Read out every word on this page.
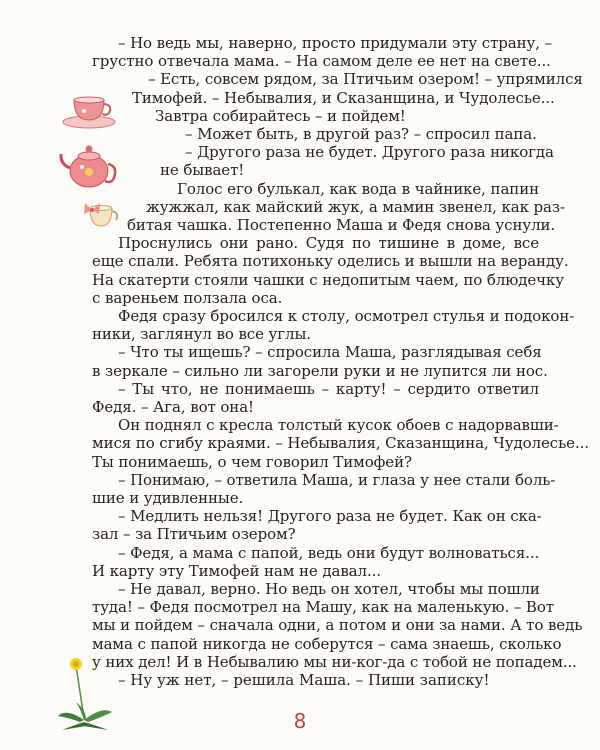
– Но ведь мы, наверно, просто придумали эту страну, –
грустно отвечала мама. – На самом деле ее нет на свете...
– Есть, совсем рядом, за Птичьим озером! – упрямился
Тимофей. – Небывалия, и Сказанщина, и Чудолесье...
Завтра собирайтесь – и пойдем!
– Может быть, в другой раз? – спросил папа.
– Другого раза не будет. Другого раза никогда
не бывает!
Голос его булькал, как вода в чайнике, папин
жужжал, как майский жук, а мамин звенел, как раз-
битая чашка. Постепенно Маша и Федя снова уснули.
Проснулись они рано. Судя по тишине в доме, все
еще спали. Ребята потихоньку оделись и вышли на веранду.
На скатерти стояли чашки с недопитым чаем, по блюдечку
с вареньем ползала оса.
Федя сразу бросился к столу, осмотрел стулья и подокон-
ники, заглянул во все углы.
– Что ты ищешь? – спросила Маша, разглядывая себя
в зеркале – сильно ли загорели руки и не лупится ли нос.
– Ты что, не понимаешь – карту! – сердито ответил
Федя. – Ага, вот она!
Он поднял с кресла толстый кусок обоев с надорвавши-
мися по сгибу краями. – Небывалия, Сказанщина, Чудолесье...
Ты понимаешь, о чем говорил Тимофей?
– Понимаю, – ответила Маша, и глаза у нее стали боль-
шие и удивленные.
– Медлить нельзя! Другого раза не будет. Как он ска-
зал – за Птичьим озером?
– Федя, а мама с папой, ведь они будут волноваться...
И карту эту Тимофей нам не давал...
– Не давал, верно. Но ведь он хотел, чтобы мы пошли
туда! – Федя посмотрел на Машу, как на маленькую. – Вот
мы и пойдем – сначала одни, а потом и они за нами. А то ведь
мама с папой никогда не соберутся – сама знаешь, сколько
у них дел! И в Небывалию мы ни-ког-да с тобой не попадем...
– Ну уж нет, – решила Маша. – Пиши записку!
8
